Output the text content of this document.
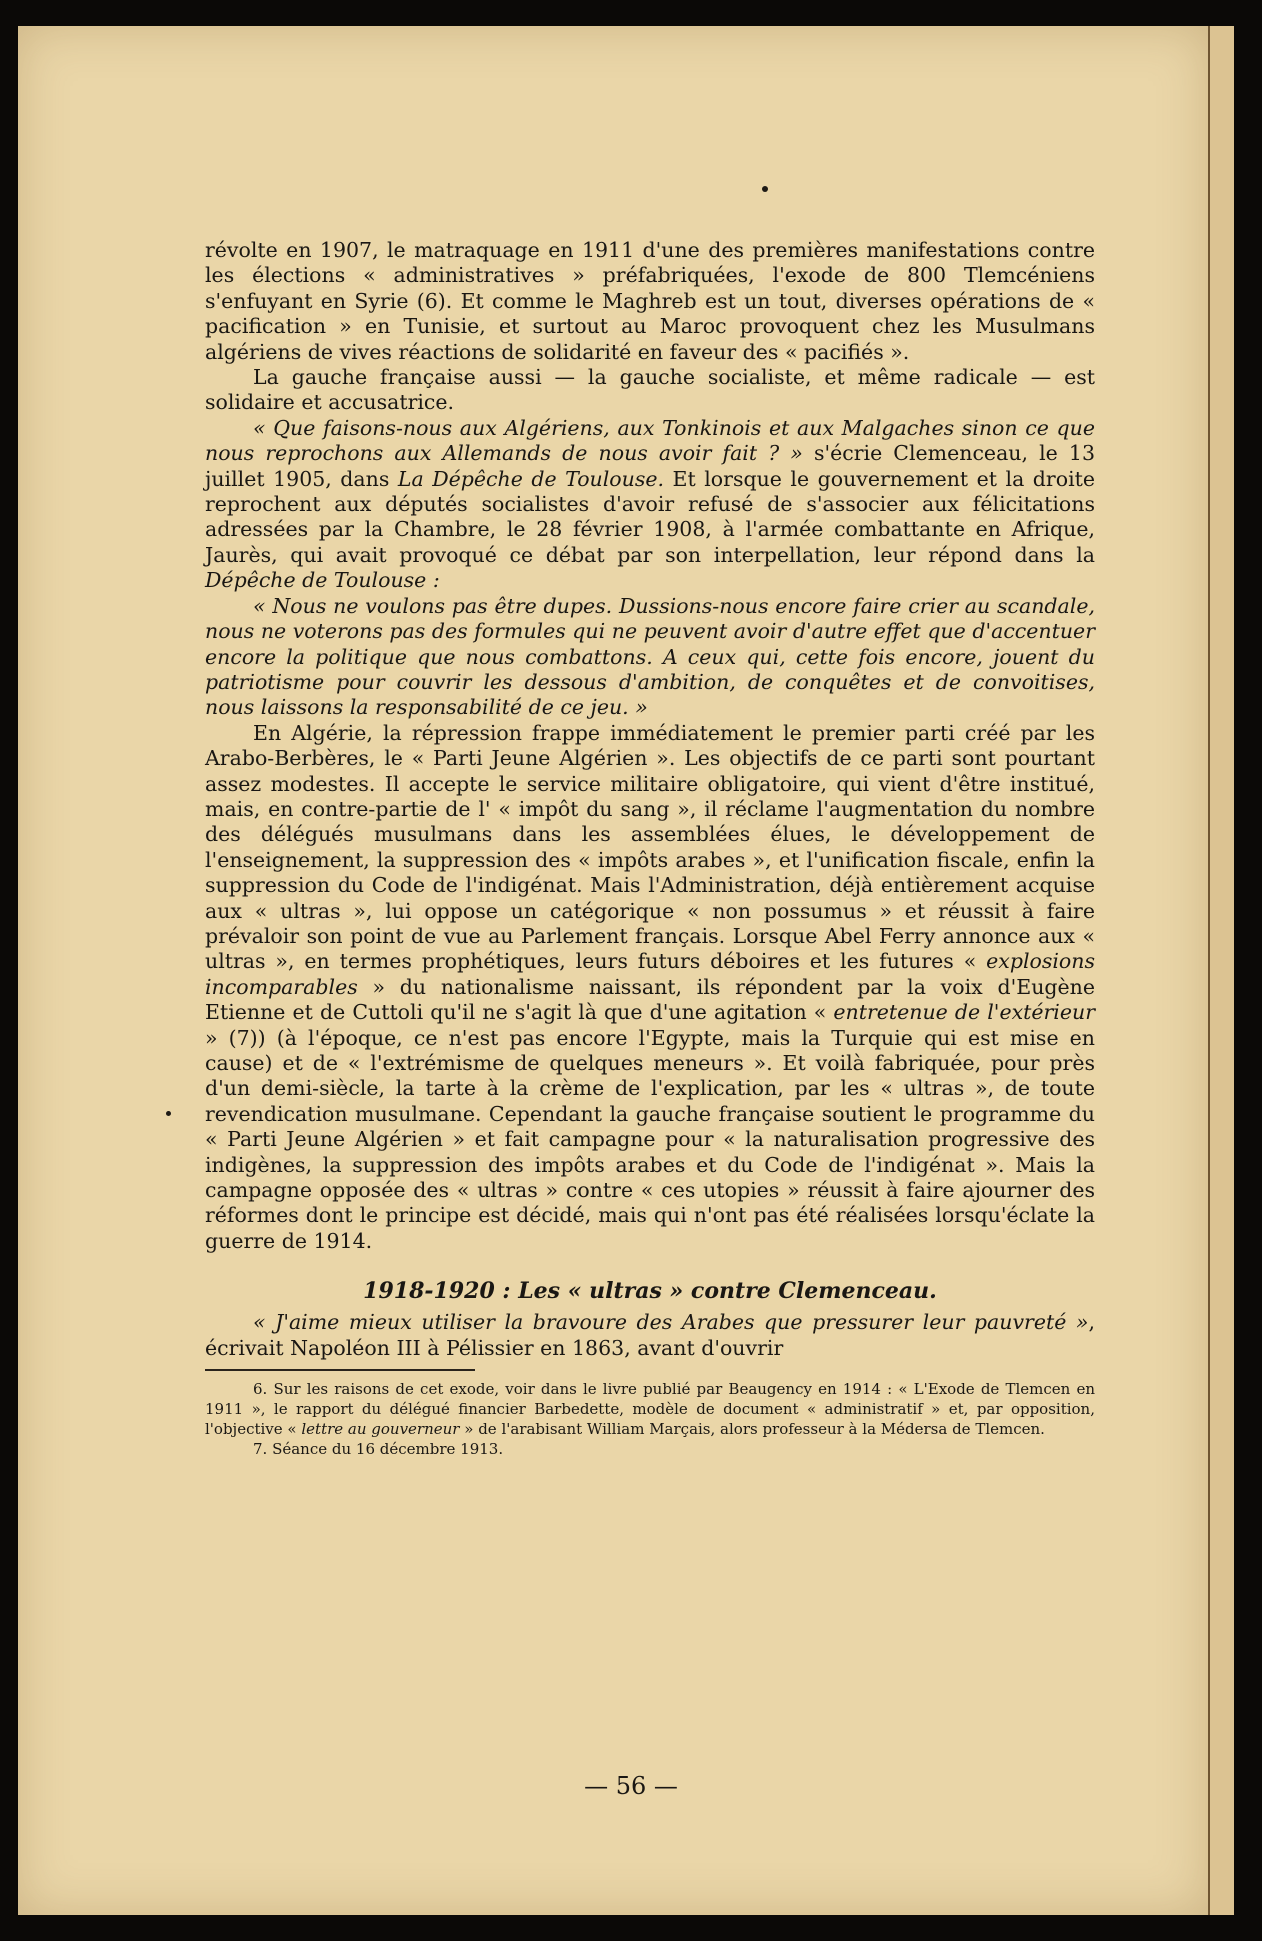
révolte en 1907, le matraquage en 1911 d'une des premières manifestations contre les élections « administratives » préfabriquées, l'exode de 800 Tlemcéniens s'enfuyant en Syrie (6). Et comme le Maghreb est un tout, diverses opérations de « pacification » en Tunisie, et surtout au Maroc provoquent chez les Musulmans algériens de vives réactions de solidarité en faveur des « pacifiés ».

La gauche française aussi — la gauche socialiste, et même radicale — est solidaire et accusatrice.

« Que faisons-nous aux Algériens, aux Tonkinois et aux Malgaches sinon ce que nous reprochons aux Allemands de nous avoir fait ? » s'écrie Clemenceau, le 13 juillet 1905, dans La Dépêche de Toulouse. Et lorsque le gouvernement et la droite reprochent aux députés socialistes d'avoir refusé de s'associer aux félicitations adressées par la Chambre, le 28 février 1908, à l'armée combattante en Afrique, Jaurès, qui avait provoqué ce débat par son interpellation, leur répond dans la Dépêche de Toulouse :

« Nous ne voulons pas être dupes. Dussions-nous encore faire crier au scandale, nous ne voterons pas des formules qui ne peuvent avoir d'autre effet que d'accentuer encore la politique que nous combattons. A ceux qui, cette fois encore, jouent du patriotisme pour couvrir les dessous d'ambition, de conquêtes et de convoitises, nous laissons la responsabilité de ce jeu. »

En Algérie, la répression frappe immédiatement le premier parti créé par les Arabo-Berbères, le « Parti Jeune Algérien ». Les objectifs de ce parti sont pourtant assez modestes. Il accepte le service militaire obligatoire, qui vient d'être institué, mais, en contre-partie de l' « impôt du sang », il réclame l'augmentation du nombre des délégués musulmans dans les assemblées élues, le développement de l'enseignement, la suppression des « impôts arabes », et l'unification fiscale, enfin la suppression du Code de l'indigénat. Mais l'Administration, déjà entièrement acquise aux « ultras », lui oppose un catégorique « non possumus » et réussit à faire prévaloir son point de vue au Parlement français. Lorsque Abel Ferry annonce aux « ultras », en termes prophétiques, leurs futurs déboires et les futures « explosions incomparables » du nationalisme naissant, ils répondent par la voix d'Eugène Etienne et de Cuttoli qu'il ne s'agit là que d'une agitation « entretenue de l'extérieur » (7)) (à l'époque, ce n'est pas encore l'Egypte, mais la Turquie qui est mise en cause) et de « l'extrémisme de quelques meneurs ». Et voilà fabriquée, pour près d'un demi-siècle, la tarte à la crème de l'explication, par les « ultras », de toute revendication musulmane. Cependant la gauche française soutient le programme du « Parti Jeune Algérien » et fait campagne pour « la naturalisation progressive des indigènes, la suppression des impôts arabes et du Code de l'indigénat ». Mais la campagne opposée des « ultras » contre « ces utopies » réussit à faire ajourner des réformes dont le principe est décidé, mais qui n'ont pas été réalisées lorsqu'éclate la guerre de 1914.

1918-1920 : Les « ultras » contre Clemenceau.

« J'aime mieux utiliser la bravoure des Arabes que pressurer leur pauvreté », écrivait Napoléon III à Pélissier en 1863, avant d'ouvrir

6. Sur les raisons de cet exode, voir dans le livre publié par Beaugency en 1914 : « L'Exode de Tlemcen en 1911 », le rapport du délégué financier Barbedette, modèle de document « administratif » et, par opposition, l'objective « lettre au gouverneur » de l'arabisant William Marçais, alors professeur à la Médersa de Tlemcen.

7. Séance du 16 décembre 1913.

— 56 —
